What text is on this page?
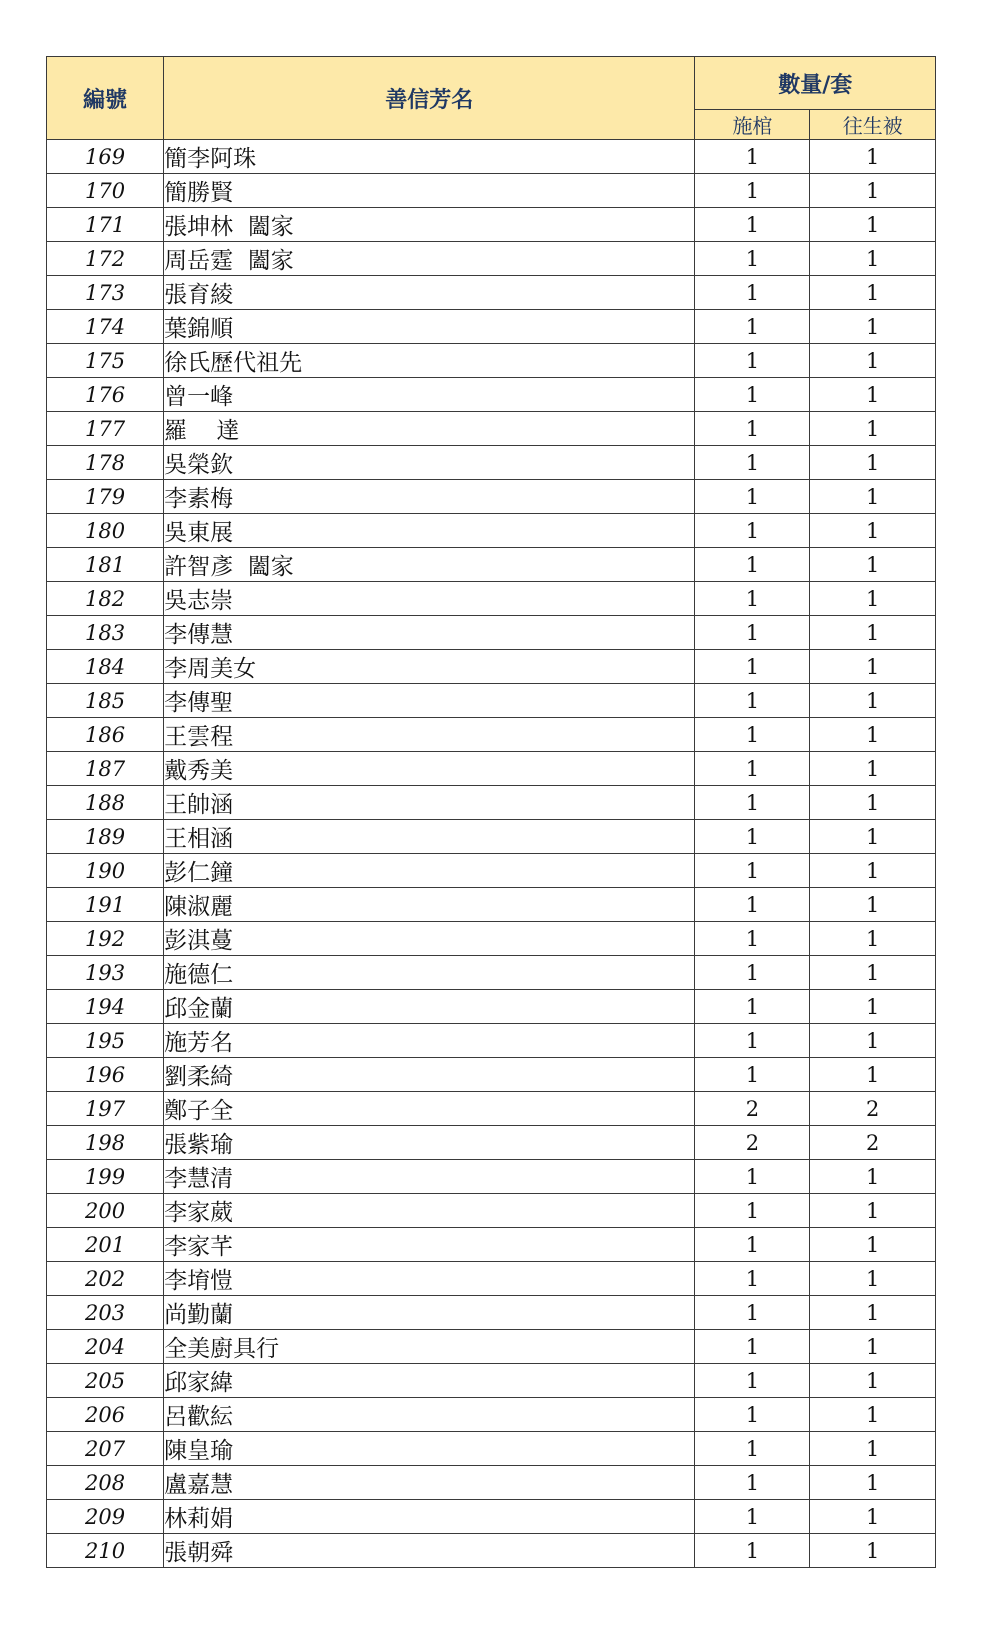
編號	善信芳名	數量/套	
		施棺	往生被
169	簡李阿珠	1	1
170	簡勝賢	1	1
171	張坤林  闔家	1	1
172	周岳霆  闔家	1	1
173	張育綾	1	1
174	葉錦順	1	1
175	徐氏歷代祖先	1	1
176	曾一峰	1	1
177	羅    達	1	1
178	吳榮欽	1	1
179	李素梅	1	1
180	吳東展	1	1
181	許智彥  闔家	1	1
182	吳志崇	1	1
183	李傳慧	1	1
184	李周美女	1	1
185	李傳聖	1	1
186	王雲程	1	1
187	戴秀美	1	1
188	王帥涵	1	1
189	王相涵	1	1
190	彭仁鐘	1	1
191	陳淑麗	1	1
192	彭淇蔓	1	1
193	施德仁	1	1
194	邱金蘭	1	1
195	施芳名	1	1
196	劉柔綺	1	1
197	鄭子全	2	2
198	張紫瑜	2	2
199	李慧清	1	1
200	李家葳	1	1
201	李家芊	1	1
202	李堉愷	1	1
203	尚勤蘭	1	1
204	全美廚具行	1	1
205	邱家緯	1	1
206	呂歡紜	1	1
207	陳皇瑜	1	1
208	盧嘉慧	1	1
209	林莉娟	1	1
210	張朝舜	1	1
